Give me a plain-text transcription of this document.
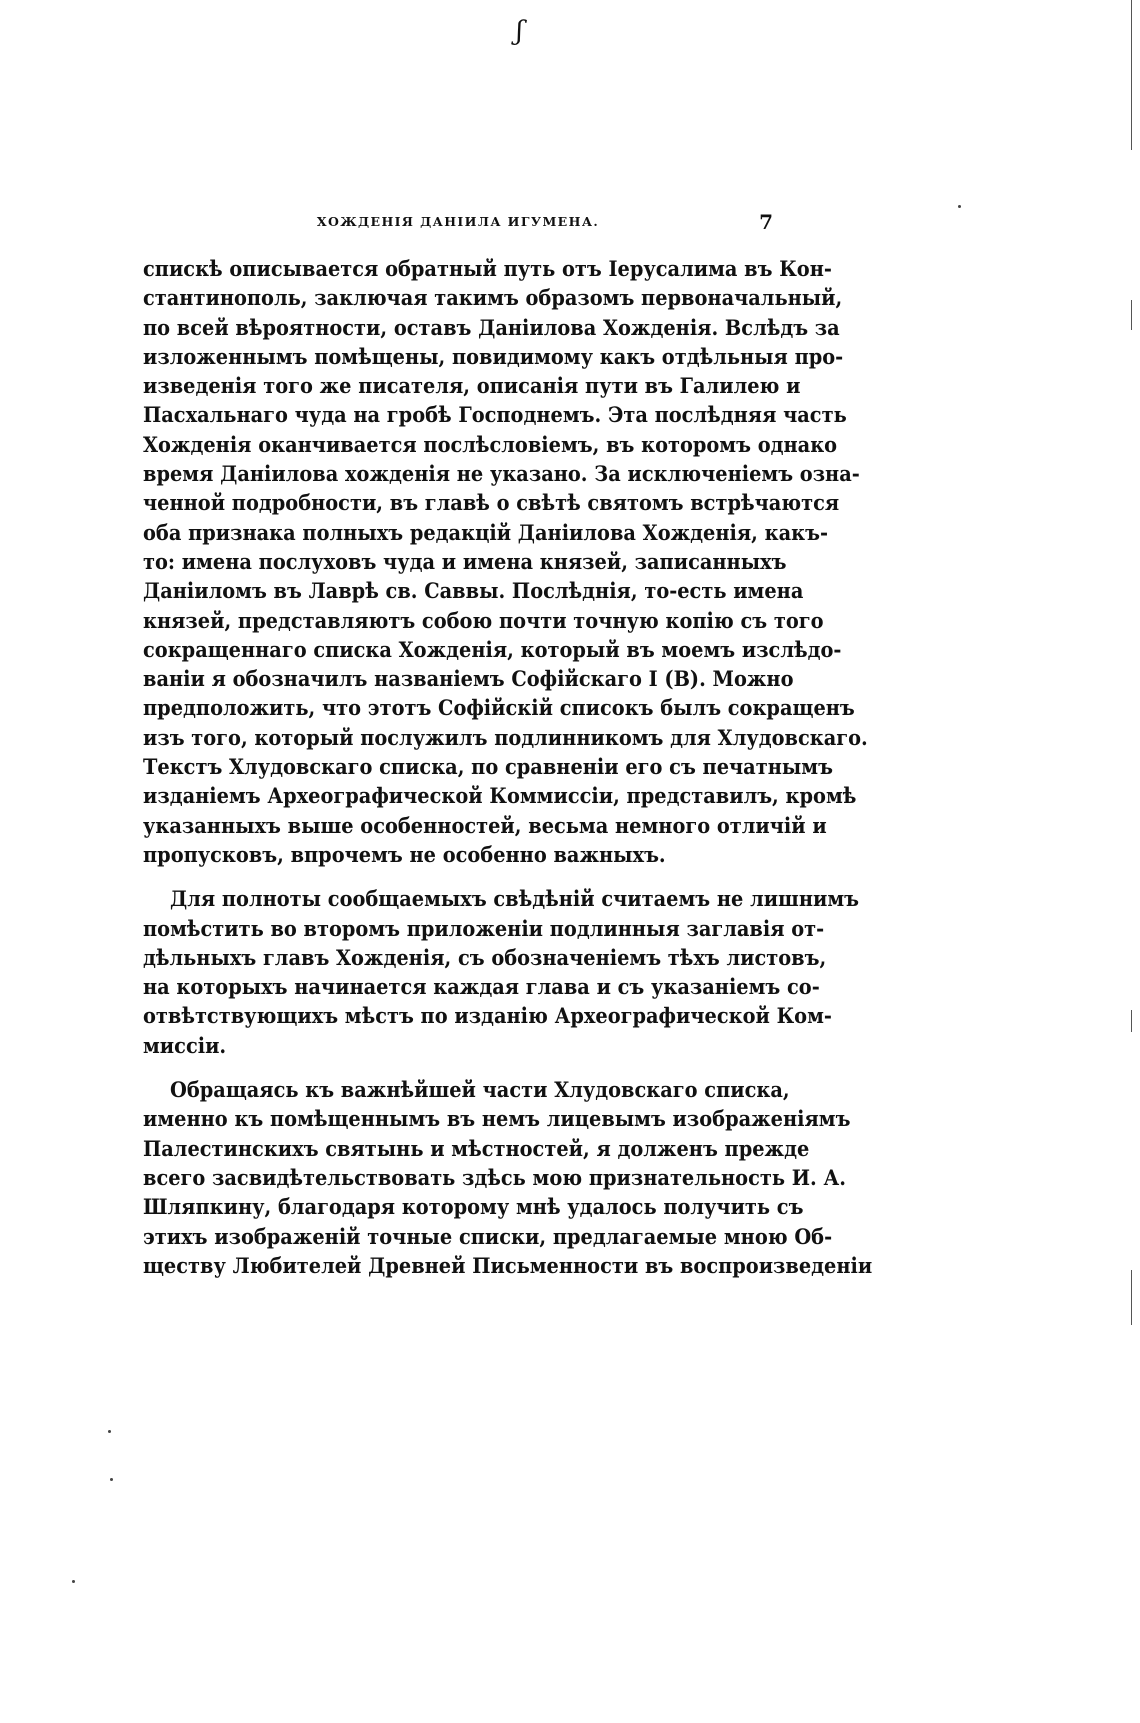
ʃ
ХОЖДЕНІЯ ДАНІИЛА ИГУМЕНА.	7
спискѣ описывается обратный путь отъ Іерусалима въ Кон-
стантинополь, заключая такимъ образомъ первоначальный,
по всей вѣроятности, оставъ Даніилова Хожденія. Вслѣдъ за
изложеннымъ помѣщены, повидимому какъ отдѣльныя про-
изведенія того же писателя, описанія пути въ Галилею и
Пасхальнаго чуда на гробѣ Господнемъ. Эта послѣдняя часть
Хожденія оканчивается послѣсловіемъ, въ которомъ однако
время Даніилова хожденія не указано. За исключеніемъ озна-
ченной подробности, въ главѣ о свѣтѣ святомъ встрѣчаются
оба признака полныхъ редакцій Даніилова Хожденія, какъ-
то: имена послуховъ чуда и имена князей, записанныхъ
Даніиломъ въ Лаврѣ св. Саввы. Послѣднія, то-есть имена
князей, представляютъ собою почти точную копію съ того
сокращеннаго списка Хожденія, который въ моемъ изслѣдо-
ваніи я обозначилъ названіемъ Софійскаго I (В). Можно
предположить, что этотъ Софійскій списокъ былъ сокращенъ
изъ того, который послужилъ подлинникомъ для Хлудовскаго.
Текстъ Хлудовскаго списка, по сравненіи его съ печатнымъ
изданіемъ Археографической Коммиссіи, представилъ, кромѣ
указанныхъ выше особенностей, весьма немного отличій и
пропусковъ, впрочемъ не особенно важныхъ.
Для полноты сообщаемыхъ свѣдѣній считаемъ не лишнимъ
помѣстить во второмъ приложеніи подлинныя заглавія от-
дѣльныхъ главъ Хожденія, съ обозначеніемъ тѣхъ листовъ,
на которыхъ начинается каждая глава и съ указаніемъ со-
отвѣтствующихъ мѣстъ по изданію Археографической Ком-
миссіи.
Обращаясь къ важнѣйшей части Хлудовскаго списка,
именно къ помѣщеннымъ въ немъ лицевымъ изображеніямъ
Палестинскихъ святынь и мѣстностей, я долженъ прежде
всего засвидѣтельствовать здѣсь мою признательность И. А.
Шляпкину, благодаря которому мнѣ удалось получить съ
этихъ изображеній точные списки, предлагаемые мною Об-
ществу Любителей Древней Письменности въ воспроизведеніи
